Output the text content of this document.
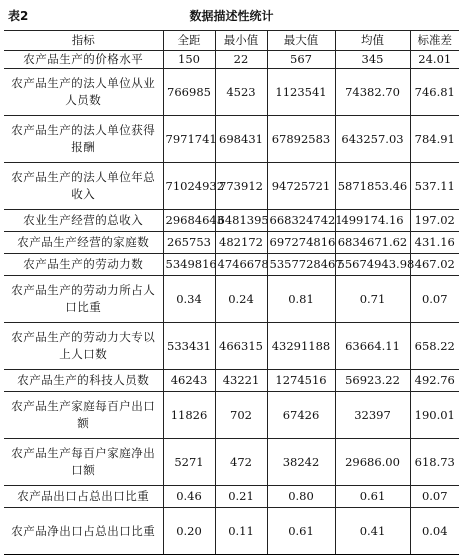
表2	数据描述性统计
指标	全距	最小值	最大值	均值	标准差
农产品生产的价格水平	150	22	567	345	24.01
农产品生产的法人单位从业人员数	766985	4523	1123541	74382.70	746.81
农产品生产的法人单位获得报酬	7971741	698431	67892583	643257.03	784.91
农产品生产的法人单位年总收入	71024932	773912	94725721	5871853.46	537.11
农业生产经营的总收入	29684643	6481395	6683247421	499174.16	197.02
农产品生产经营的家庭数	265753	482172	697274816	6834671.62	431.16
农产品生产的劳动力数	5349816	4746678	5357728467	55674943.98	467.02
农产品生产的劳动力所占人口比重	0.34	0.24	0.81	0.71	0.07
农产品生产的劳动力大专以上人口数	533431	466315	43291188	63664.11	658.22
农产品生产的科技人员数	46243	43221	1274516	56923.22	492.76
农产品生产家庭每百户出口额	11826	702	67426	32397	190.01
农产品生产每百户家庭净出口额	5271	472	38242	29686.00	618.73
农产品出口占总出口比重	0.46	0.21	0.80	0.61	0.07
农产品净出口占总出口比重	0.20	0.11	0.61	0.41	0.04
